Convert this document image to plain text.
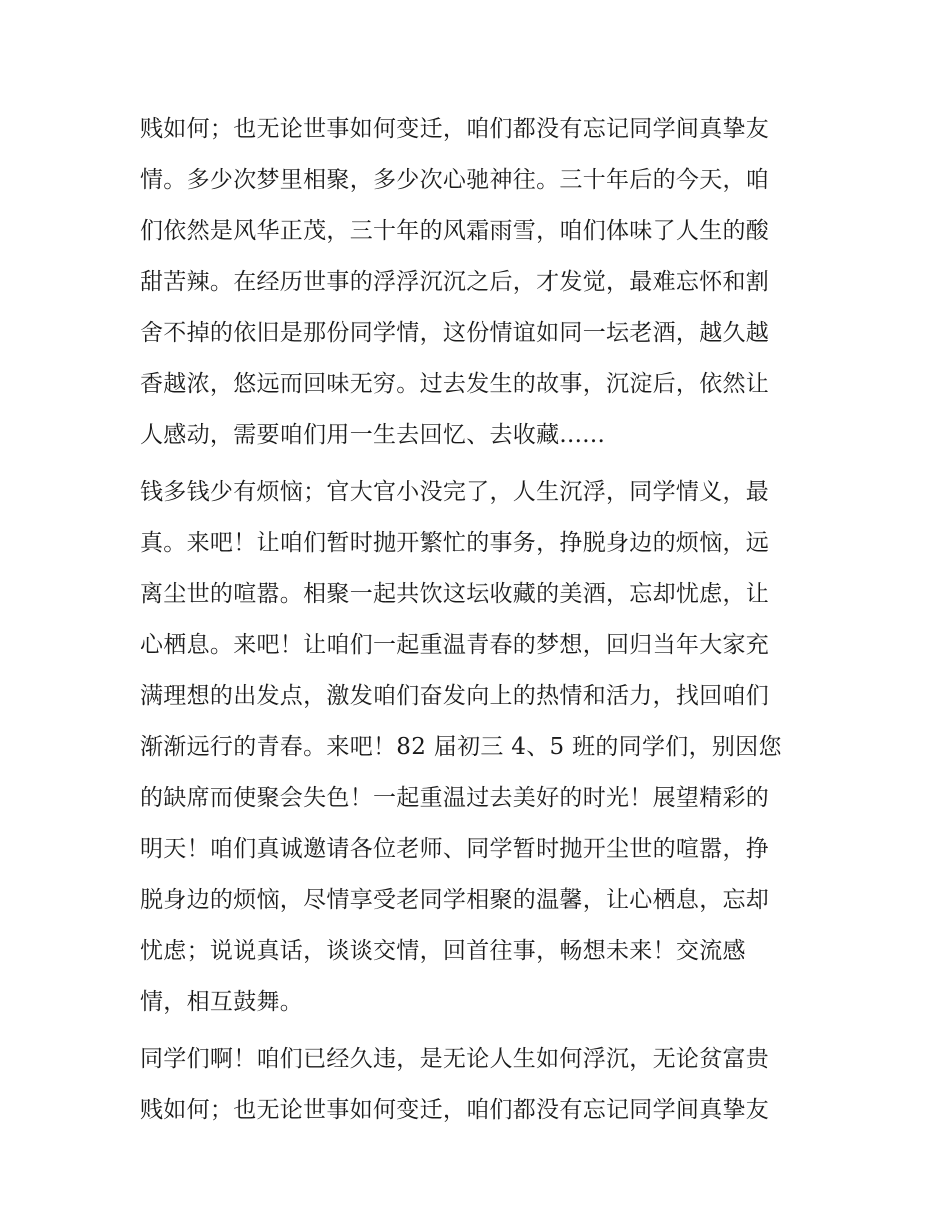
贱如何；也无论世事如何变迁，咱们都没有忘记同学间真挚友
情。多少次梦里相聚，多少次心驰神往。三十年后的今天，咱
们依然是风华正茂，三十年的风霜雨雪，咱们体味了人生的酸
甜苦辣。在经历世事的浮浮沉沉之后，才发觉，最难忘怀和割
舍不掉的依旧是那份同学情，这份情谊如同一坛老酒，越久越
香越浓，悠远而回味无穷。过去发生的故事，沉淀后，依然让
人感动，需要咱们用一生去回忆、去收藏......
钱多钱少有烦恼；官大官小没完了，人生沉浮，同学情义，最
真。来吧！让咱们暂时抛开繁忙的事务，挣脱身边的烦恼，远
离尘世的喧嚣。相聚一起共饮这坛收藏的美酒，忘却忧虑，让
心栖息。来吧！让咱们一起重温青春的梦想，回归当年大家充
满理想的出发点，激发咱们奋发向上的热情和活力，找回咱们
渐渐远行的青春。来吧！82 届初三 4、5 班的同学们，别因您
的缺席而使聚会失色！一起重温过去美好的时光！展望精彩的
明天！咱们真诚邀请各位老师、同学暂时抛开尘世的喧嚣，挣
脱身边的烦恼，尽情享受老同学相聚的温馨，让心栖息，忘却
忧虑；说说真话，谈谈交情，回首往事，畅想未来！交流感
情，相互鼓舞。
同学们啊！咱们已经久违，是无论人生如何浮沉，无论贫富贵
贱如何；也无论世事如何变迁，咱们都没有忘记同学间真挚友
